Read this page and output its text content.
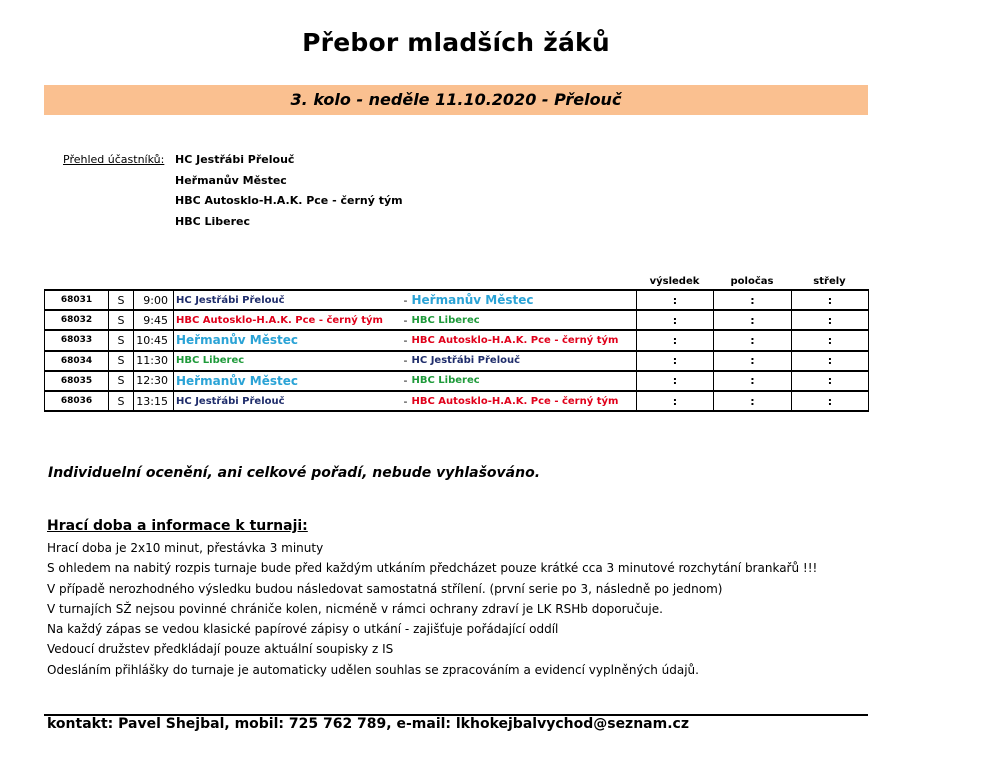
Přebor mladších žáků
3. kolo - neděle 11.10.2020 - Přelouč
Přehled účastníků: HC Jestřábi Přelouč
Heřmanův Městec
HBC Autosklo-H.A.K. Pce - černý tým
HBC Liberec
výsledek	poločas	střely
68031	S	9:00	HC Jestřábi Přelouč	-	Heřmanův Městec	:	:	:
68032	S	9:45	HBC Autosklo-H.A.K. Pce - černý tým	-	HBC Liberec	:	:	:
68033	S	10:45	Heřmanův Městec	-	HBC Autosklo-H.A.K. Pce - černý tým	:	:	:
68034	S	11:30	HBC Liberec	-	HC Jestřábi Přelouč	:	:	:
68035	S	12:30	Heřmanův Městec	-	HBC Liberec	:	:	:
68036	S	13:15	HC Jestřábi Přelouč	-	HBC Autosklo-H.A.K. Pce - černý tým	:	:	:
Individuelní ocenění, ani celkové pořadí, nebude vyhlašováno.
Hrací doba a informace k turnaji:
Hrací doba je 2x10 minut, přestávka 3 minuty
S ohledem na nabitý rozpis turnaje bude před každým utkáním předcházet pouze krátké cca 3 minutové rozchytání brankařů !!!
V případě nerozhodného výsledku budou následovat samostatná střílení. (první serie po 3, následně po jednom)
V turnajích SŽ nejsou povinné chrániče kolen, nicméně v rámci ochrany zdraví je LK RSHb doporučuje.
Na každý zápas se vedou klasické papírové zápisy o utkání - zajišťuje pořádající oddíl
Vedoucí družstev předkládají pouze aktuální soupisky z IS
Odesláním přihlášky do turnaje je automaticky udělen souhlas se zpracováním a evidencí vyplněných údajů.
kontakt: Pavel Shejbal, mobil: 725 762 789, e-mail: lkhokejbalvychod@seznam.cz
